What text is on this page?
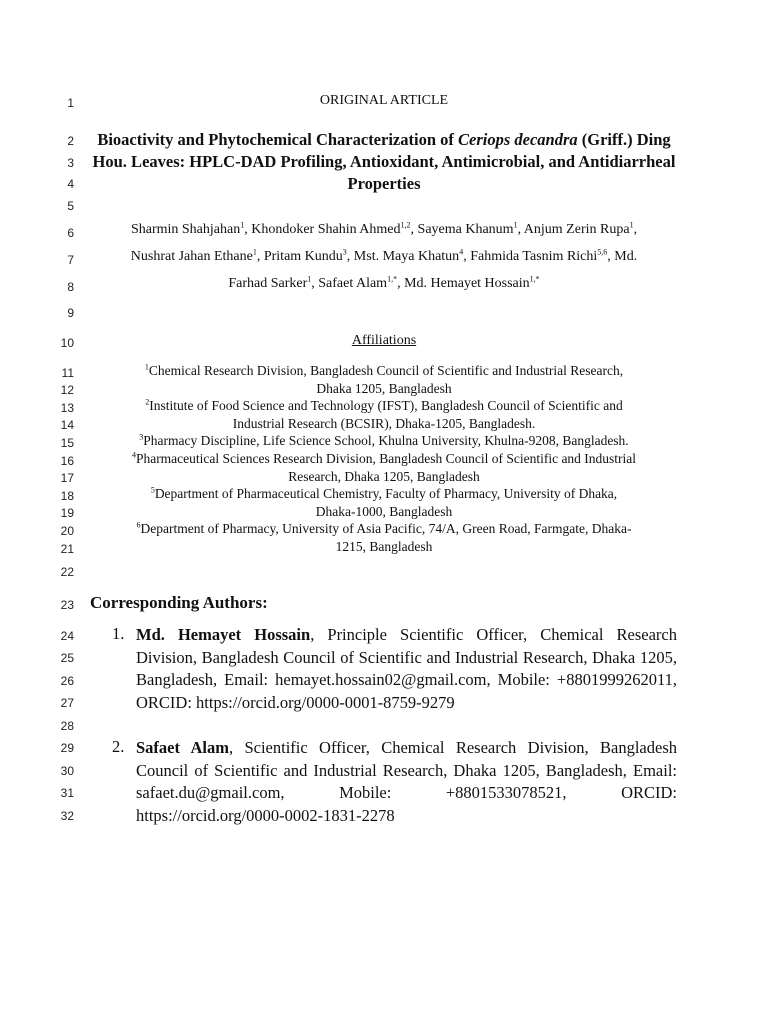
1
2
3
4
5
6
7
8
9
10
11
12
13
14
15
16
17
18
19
20
21
22
23
24
25
26
27
28
29
30
31
32
ORIGINAL ARTICLE
Bioactivity and Phytochemical Characterization of Ceriops decandra (Griff.) Ding Hou. Leaves: HPLC-DAD Profiling, Antioxidant, Antimicrobial, and Antidiarrheal Properties
Sharmin Shahjahan$^1$, Khondoker Shahin Ahmed$^{1,2}$, Sayema Khanum$^1$, Anjum Zerin Rupa$^1$,
Nushrat Jahan Ethane$^1$, Pritam Kundu$^3$, Mst. Maya Khatun$^4$, Fahmida Tasnim Richi$^{5,6}$, Md.
Farhad Sarker$^1$, Safaet Alam$^{1,*}$, Md. Hemayet Hossain$^{1,*}$
Affiliations
$^1$Chemical Research Division, Bangladesh Council of Scientific and Industrial Research,
Dhaka 1205, Bangladesh
$^2$Institute of Food Science and Technology (IFST), Bangladesh Council of Scientific and
Industrial Research (BCSIR), Dhaka-1205, Bangladesh.
$^3$Pharmacy Discipline, Life Science School, Khulna University, Khulna-9208, Bangladesh.
$^4$Pharmaceutical Sciences Research Division, Bangladesh Council of Scientific and Industrial
Research, Dhaka 1205, Bangladesh
$^5$Department of Pharmaceutical Chemistry, Faculty of Pharmacy, University of Dhaka,
Dhaka-1000, Bangladesh
$^6$Department of Pharmacy, University of Asia Pacific, 74/A, Green Road, Farmgate, Dhaka-
1215, Bangladesh
Corresponding Authors:
1. Md. Hemayet Hossain, Principle Scientific Officer, Chemical Research Division, Bangladesh Council of Scientific and Industrial Research, Dhaka 1205, Bangladesh, Email: hemayet.hossain02@gmail.com, Mobile: +8801999262011, ORCID: https://orcid.org/0000-0001-8759-9279
2. Safaet Alam, Scientific Officer, Chemical Research Division, Bangladesh Council of Scientific and Industrial Research, Dhaka 1205, Bangladesh, Email: safaet.du@gmail.com, Mobile: +8801533078521, ORCID: https://orcid.org/0000-0002-1831-2278
